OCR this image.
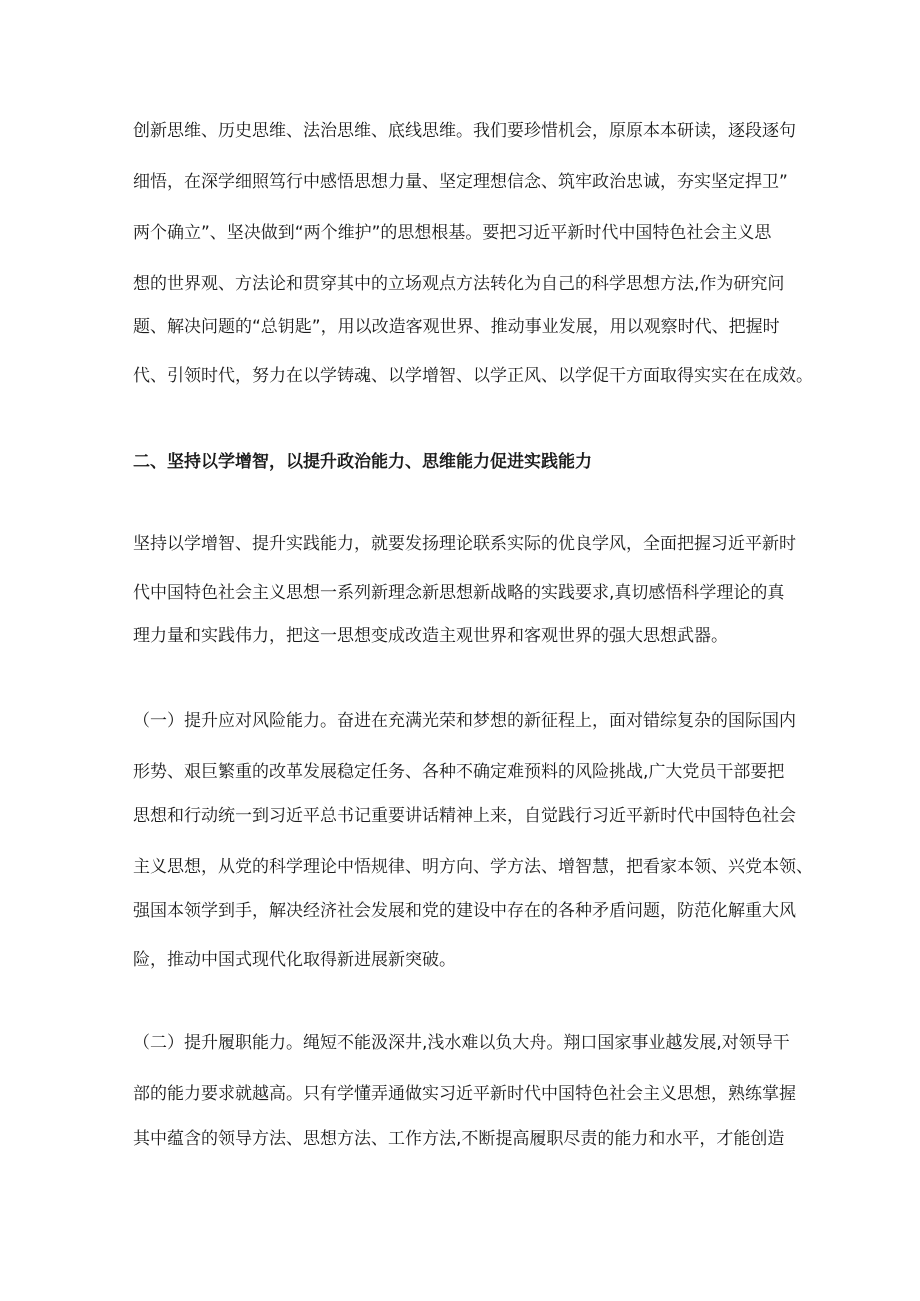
创新思维、历史思维、法治思维、底线思维。我们要珍惜机会，原原本本研读，逐段逐句
细悟，在深学细照笃行中感悟思想力量、坚定理想信念、筑牢政治忠诚，夯实坚定捍卫”
两个确立”、坚决做到“两个维护”的思想根基。要把习近平新时代中国特色社会主义思
想的世界观、方法论和贯穿其中的立场观点方法转化为自己的科学思想方法,作为研究问
题、解决问题的“总钥匙”，用以改造客观世界、推动事业发展，用以观察时代、把握时
代、引领时代，努力在以学铸魂、以学增智、以学正风、以学促干方面取得实实在在成效。
二、坚持以学增智，以提升政治能力、思维能力促进实践能力
坚持以学增智、提升实践能力，就要发扬理论联系实际的优良学风，全面把握习近平新时
代中国特色社会主义思想一系列新理念新思想新战略的实践要求,真切感悟科学理论的真
理力量和实践伟力，把这一思想变成改造主观世界和客观世界的强大思想武器。
（一）提升应对风险能力。奋进在充满光荣和梦想的新征程上，面对错综复杂的国际国内
形势、艰巨繁重的改革发展稳定任务、各种不确定难预料的风险挑战,广大党员干部要把
思想和行动统一到习近平总书记重要讲话精神上来，自觉践行习近平新时代中国特色社会
主义思想，从党的科学理论中悟规律、明方向、学方法、增智慧，把看家本领、兴党本领、
强国本领学到手，解决经济社会发展和党的建设中存在的各种矛盾问题，防范化解重大风
险，推动中国式现代化取得新进展新突破。
（二）提升履职能力。绳短不能汲深井,浅水难以负大舟。翔口国家事业越发展,对领导干
部的能力要求就越高。只有学懂弄通做实习近平新时代中国特色社会主义思想，熟练掌握
其中蕴含的领导方法、思想方法、工作方法,不断提高履职尽责的能力和水平，才能创造
